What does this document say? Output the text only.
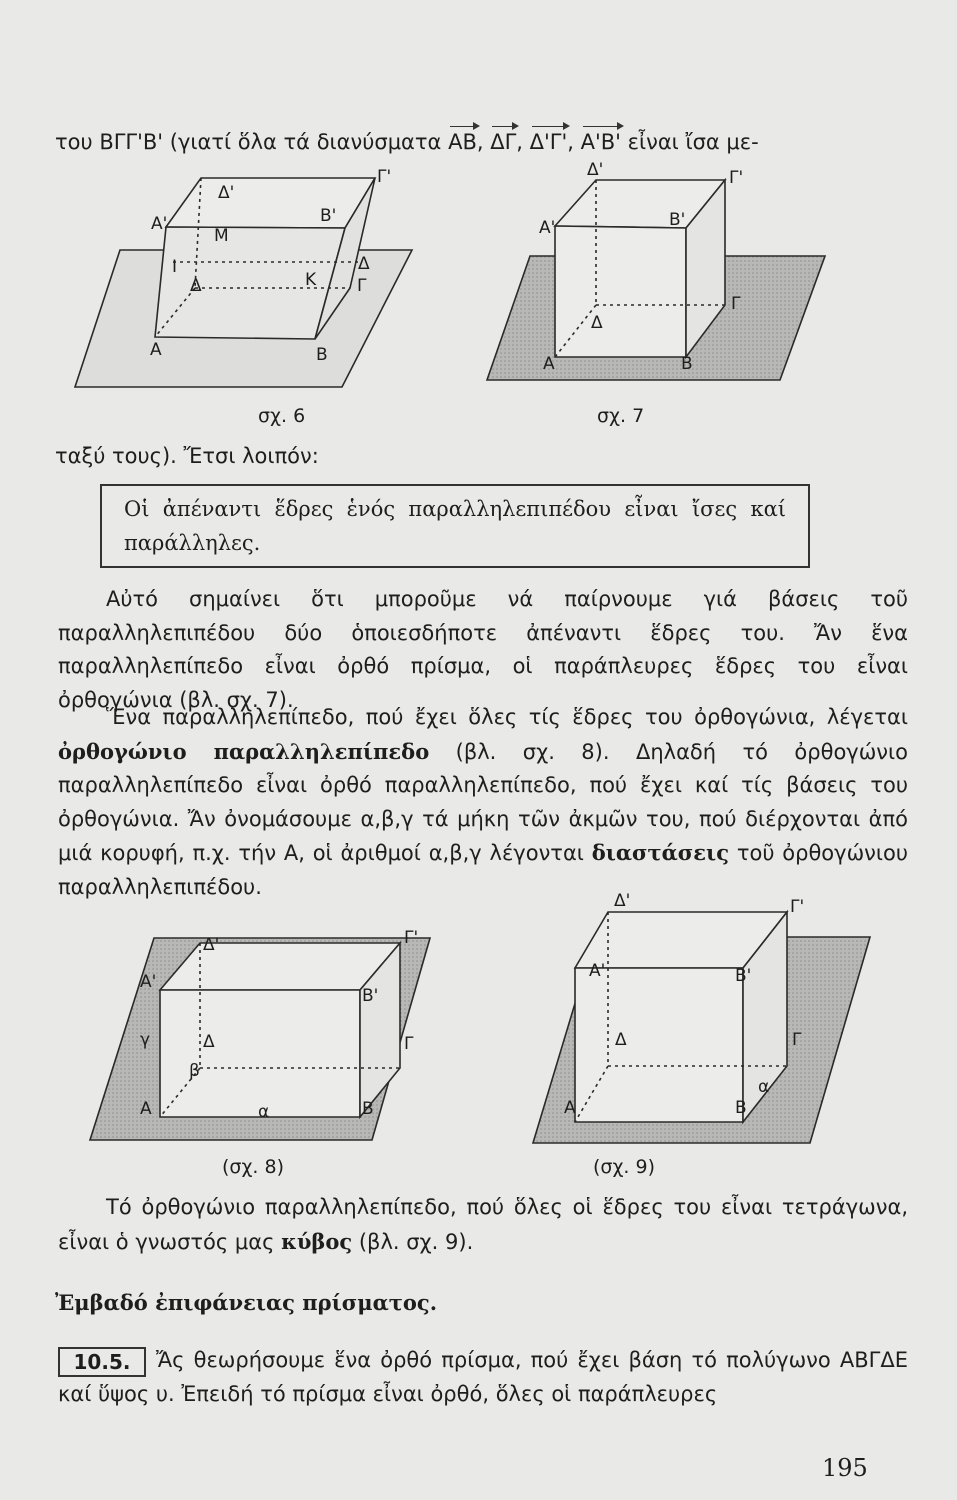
του ΒΓΓ'Β' (γιατί ὅλα τά διανύσματα ΑΒ, ΔΓ, Δ'Γ', Α'Β' εἶναι ἴσα με-
Α'
Δ'
Γ'
Β'
Μ
Ι
Κ
Δ
Δ	Γ
Α	Β
Δ'	Γ'
Α'	Β'
Γ
Δ
Α	Β
σχ. 6	σχ. 7
ταξύ τους). Ἔτσι λοιπόν:
Οἱ ἀπέναντι ἕδρες ἑνός παραλληλεπιπέδου εἶναι ἴσες καί
παράλληλες.
Αὐτό σημαίνει ὅτι μποροῦμε νά παίρνουμε γιά βάσεις τοῦ παραλληλεπιπέδου δύο ὁποιεσδήποτε ἀπέναντι ἕδρες του. Ἄν ἕνα παραλληλεπίπεδο εἶναι ὀρθό πρίσμα, οἱ παράπλευρες ἕδρες του εἶναι ὀρθογώνια (βλ. σχ. 7).
Ἕνα παραλληλεπίπεδο, πού ἔχει ὅλες τίς ἕδρες του ὀρθογώνια, λέγεται ὀρθογώνιο παραλληλεπίπεδο (βλ. σχ. 8). Δηλαδή τό ὀρθογώνιο παραλληλεπίπεδο εἶναι ὀρθό παραλληλεπίπεδο, πού ἔχει καί τίς βάσεις του ὀρθογώνια. Ἄν ὀνομάσουμε α,β,γ τά μήκη τῶν ἀκμῶν του, πού διέρχονται ἀπό μιά κορυφή, π.χ. τήν Α, οἱ ἀριθμοί α,β,γ λέγονται διαστάσεις τοῦ ὀρθογώνιου παραλληλεπιπέδου.
Δ'	Γ'
Α'
Β'
γ	Δ	Γ
β
Α	α	Β
Δ'	Γ'
Α'	Β'
Δ	Γ
α
Α	Β
(σχ. 8)	(σχ. 9)
Τό ὀρθογώνιο παραλληλεπίπεδο, πού ὅλες οἱ ἕδρες του εἶναι τετράγωνα, εἶναι ὁ γνωστός μας κύβος (βλ. σχ. 9).
Ἐμβαδό ἐπιφάνειας πρίσματος.
10.5.	Ἄς θεωρήσουμε ἕνα ὀρθό πρίσμα, πού ἔχει βάση τό πολύγωνο ΑΒΓΔΕ καί ὕψος υ. Ἐπειδή τό πρίσμα εἶναι ὀρθό, ὅλες οἱ παράπλευρες
195
